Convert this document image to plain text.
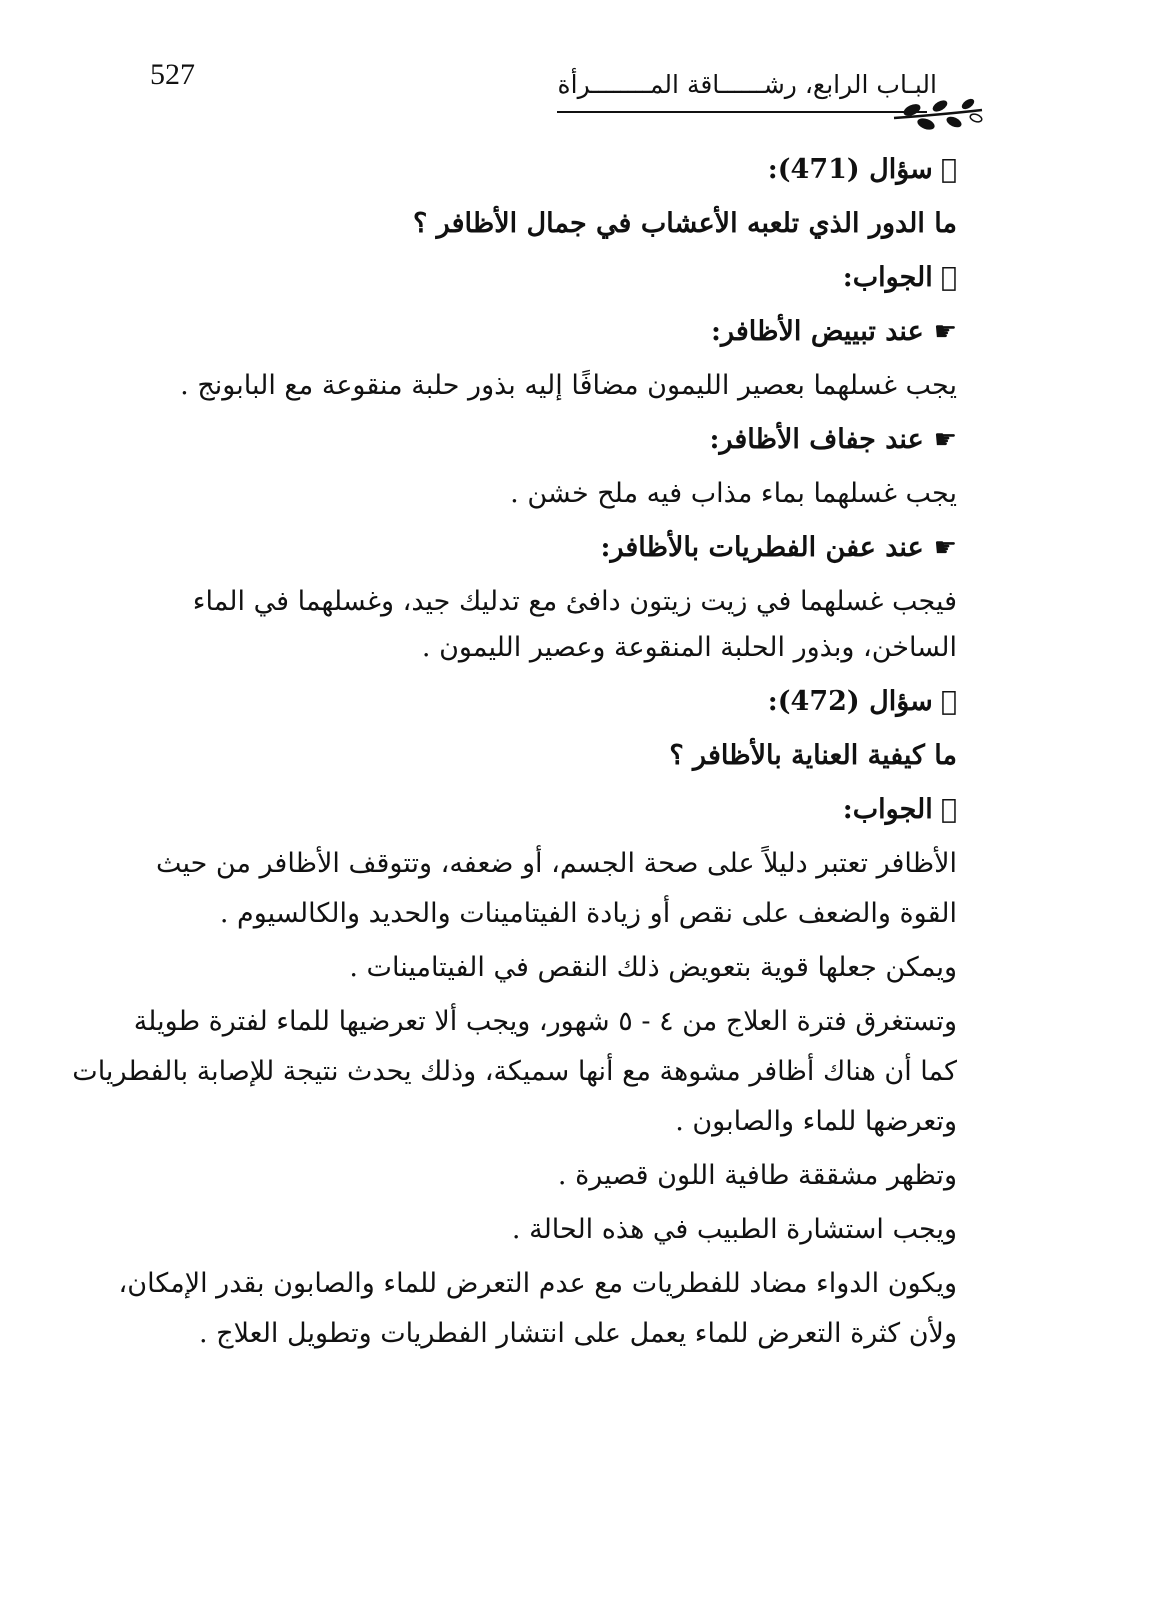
527	البـاب الرابع، رشــــــاقة المــــــــرأة
سؤال (471):
ما الدور الذي تلعبه الأعشاب في جمال الأظافر ؟
الجواب:
☛عند تبييض الأظافر:
يجب غسلهما بعصير الليمون مضافًا إليه بذور حلبة منقوعة مع البابونج .
☛عند جفاف الأظافر:
يجب غسلهما بماء مذاب فيه ملح خشن .
☛عند عفن الفطريات بالأظافر:
فيجب غسلهما في زيت زيتون دافئ مع تدليك جيد، وغسلهما في الماء
الساخن، وبذور الحلبة المنقوعة وعصير الليمون .
سؤال (472):
ما كيفية العناية بالأظافر ؟
الجواب:
الأظافر تعتبر دليلاً على صحة الجسم، أو ضعفه، وتتوقف الأظافر من حيث
القوة والضعف على نقص أو زيادة الفيتامينات والحديد والكالسيوم .
ويمكن جعلها قوية بتعويض ذلك النقص في الفيتامينات .
وتستغرق فترة العلاج من ٤ - ٥ شهور، ويجب ألا تعرضيها للماء لفترة طويلة
كما أن هناك أظافر مشوهة مع أنها سميكة، وذلك يحدث نتيجة للإصابة بالفطريات
وتعرضها للماء والصابون .
وتظهر مشققة طافية اللون قصيرة .
ويجب استشارة الطبيب في هذه الحالة .
ويكون الدواء مضاد للفطريات مع عدم التعرض للماء والصابون بقدر الإمكان،
ولأن كثرة التعرض للماء يعمل على انتشار الفطريات وتطويل العلاج .
